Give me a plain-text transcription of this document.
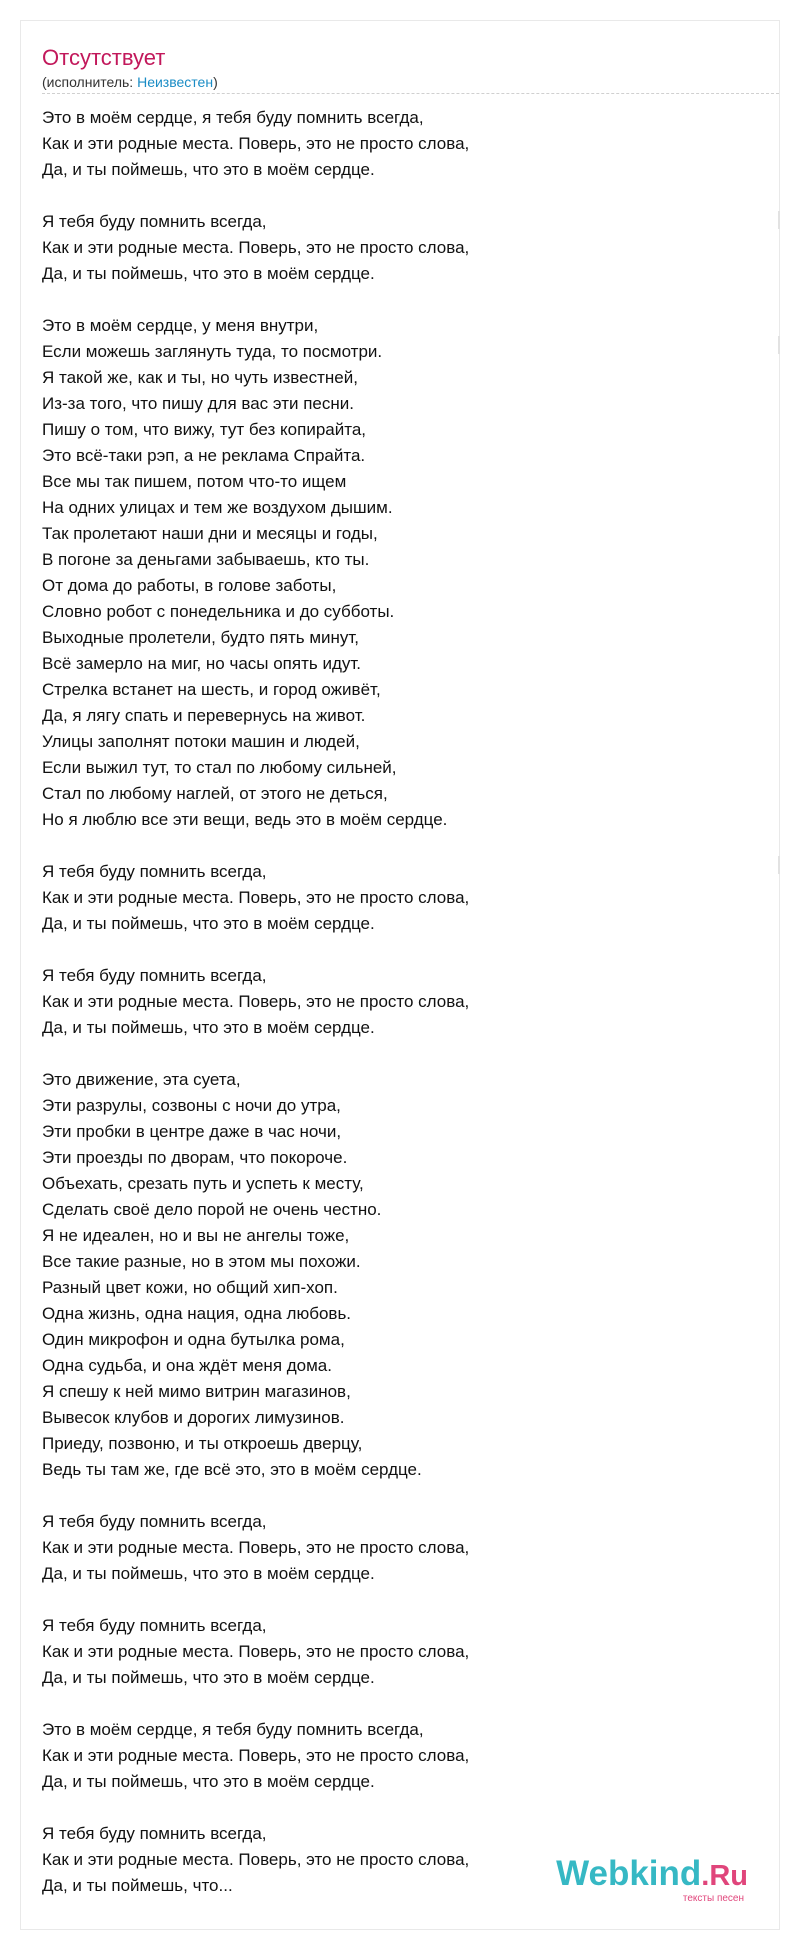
Отсутствует
(исполнитель: Неизвестен)
Это в моём сердце, я тебя буду помнить всегда,
Как и эти родные места. Поверь, это не просто слова,
Да, и ты поймешь, что это в моём сердце.

Я тебя буду помнить всегда,
Как и эти родные места. Поверь, это не просто слова,
Да, и ты поймешь, что это в моём сердце.

Это в моём сердце, у меня внутри,
Если можешь заглянуть туда, то посмотри.
Я такой же, как и ты, но чуть известней,
Из-за того, что пишу для вас эти песни.
Пишу о том, что вижу, тут без копирайта,
Это всё-таки рэп, а не реклама Спрайта.
Все мы так пишем, потом что-то ищем
На одних улицах и тем же воздухом дышим.
Так пролетают наши дни и месяцы и годы,
В погоне за деньгами забываешь, кто ты.
От дома до работы, в голове заботы,
Словно робот с понедельника и до субботы.
Выходные пролетели, будто пять минут,
Всё замерло на миг, но часы опять идут.
Стрелка встанет на шесть, и город оживёт,
Да, я лягу спать и перевернусь на живот.
Улицы заполнят потоки машин и людей,
Если выжил тут, то стал по любому сильней,
Стал по любому наглей, от этого не деться,
Но я люблю все эти вещи, ведь это в моём сердце.

Я тебя буду помнить всегда,
Как и эти родные места. Поверь, это не просто слова,
Да, и ты поймешь, что это в моём сердце.

Я тебя буду помнить всегда,
Как и эти родные места. Поверь, это не просто слова,
Да, и ты поймешь, что это в моём сердце.

Это движение, эта суета,
Эти разрулы, созвоны с ночи до утра,
Эти пробки в центре даже в час ночи,
Эти проезды по дворам, что покороче.
Объехать, срезать путь и успеть к месту,
Сделать своё дело порой не очень честно.
Я не идеален, но и вы не ангелы тоже,
Все такие разные, но в этом мы похожи.
Разный цвет кожи, но общий хип-хоп.
Одна жизнь, одна нация, одна любовь.
Один микрофон и одна бутылка рома,
Одна судьба, и она ждёт меня дома.
Я спешу к ней мимо витрин магазинов,
Вывесок клубов и дорогих лимузинов.
Приеду, позвоню, и ты откроешь дверцу,
Ведь ты там же, где всё это, это в моём сердце.

Я тебя буду помнить всегда,
Как и эти родные места. Поверь, это не просто слова,
Да, и ты поймешь, что это в моём сердце.

Я тебя буду помнить всегда,
Как и эти родные места. Поверь, это не просто слова,
Да, и ты поймешь, что это в моём сердце.

Это в моём сердце, я тебя буду помнить всегда,
Как и эти родные места. Поверь, это не просто слова,
Да, и ты поймешь, что это в моём сердце.

Я тебя буду помнить всегда,
Как и эти родные места. Поверь, это не просто слова,
Да, и ты поймешь, что...	Webkind.Ru
тексты песен
